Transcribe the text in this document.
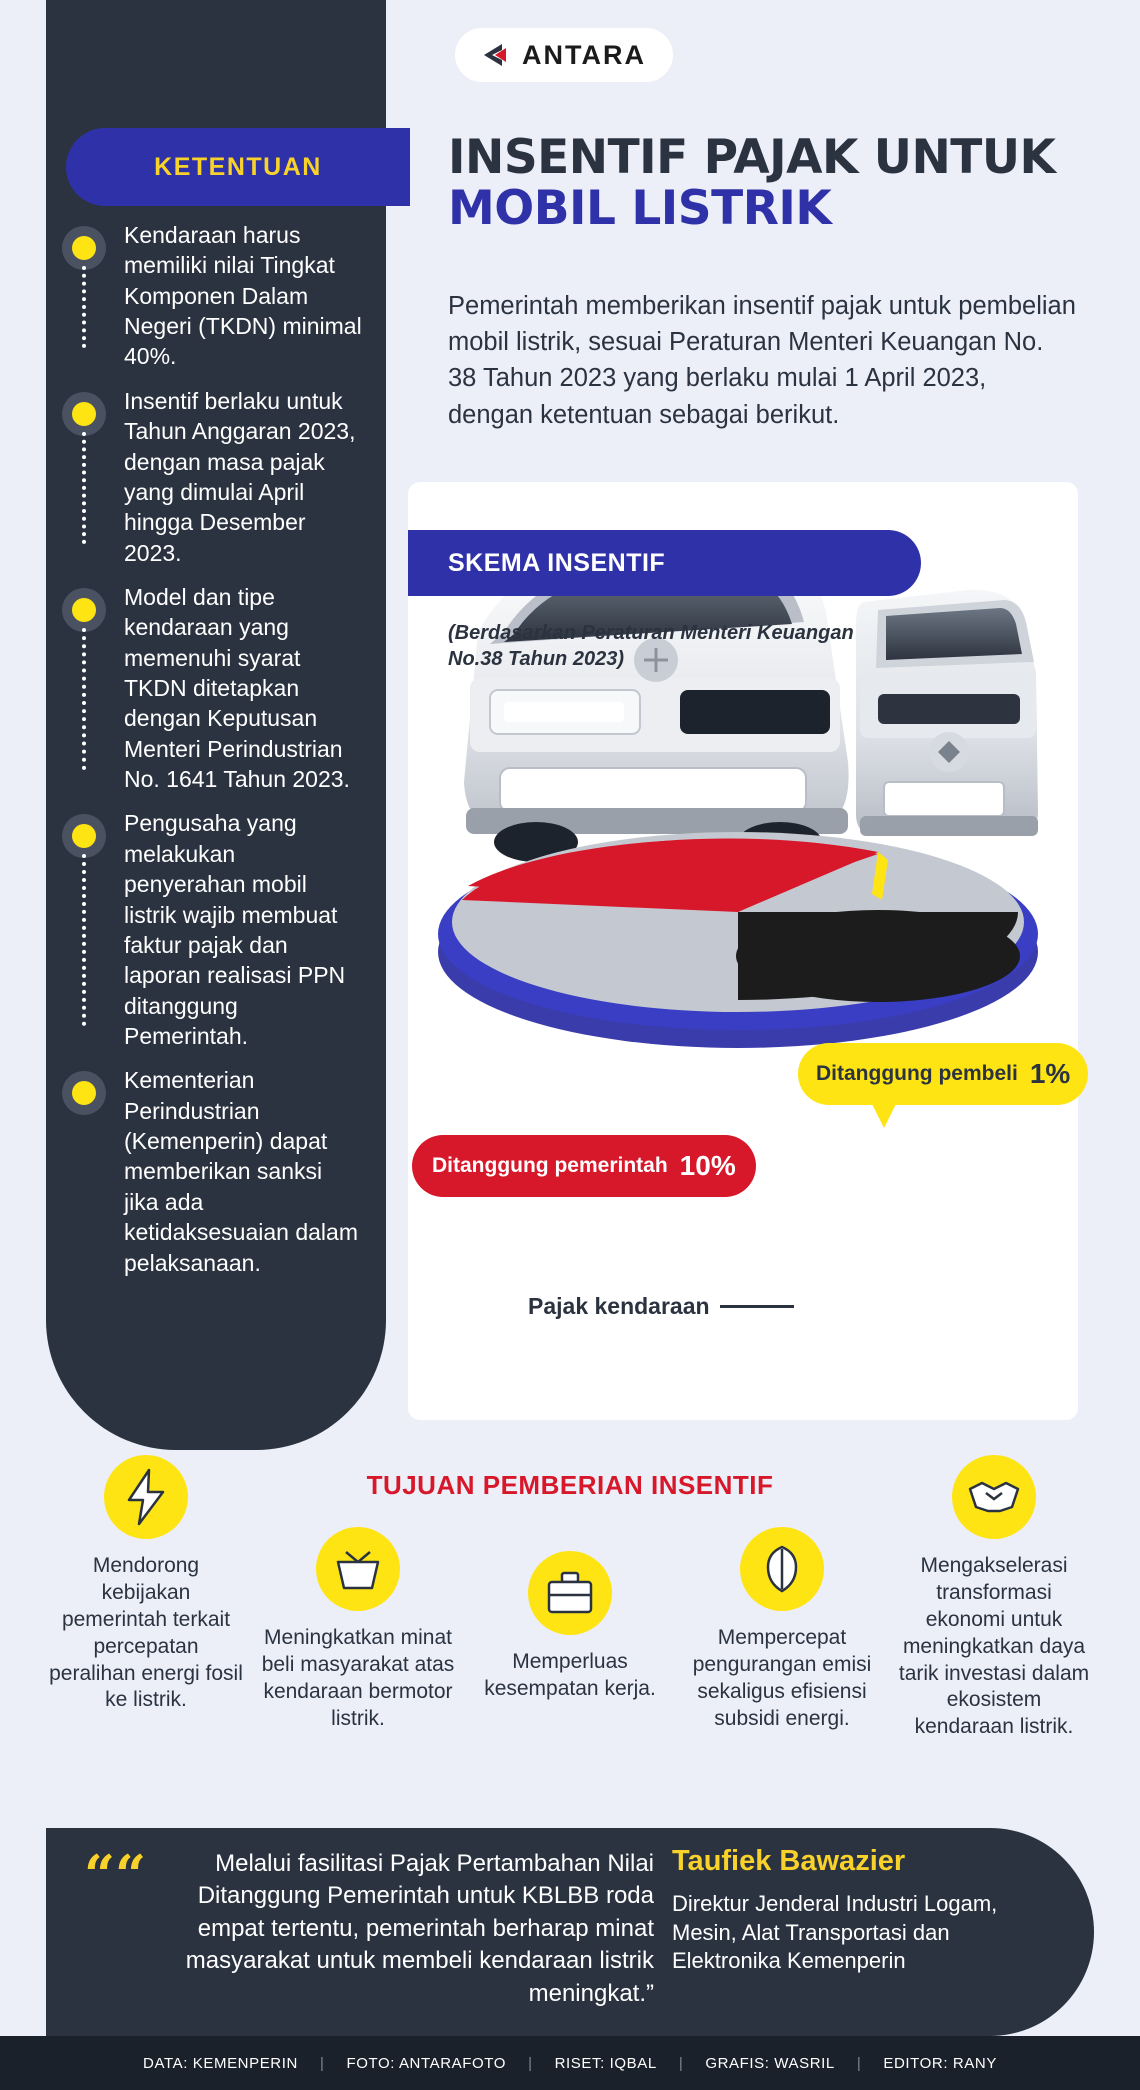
KETENTUAN
Kendaraan harus memiliki nilai Tingkat Komponen Dalam Negeri (TKDN) minimal 40%.
Insentif berlaku untuk Tahun Anggaran 2023, dengan masa pajak yang dimulai April hingga Desember 2023.
Model dan tipe kendaraan yang memenuhi syarat TKDN ditetapkan dengan Keputusan Menteri Perindustrian No. 1641 Tahun 2023.
Pengusaha yang melakukan penyerahan mobil listrik wajib membuat faktur pajak dan laporan realisasi PPN ditanggung Pemerintah.
Kementerian Perindustrian (Kemenperin) dapat memberikan sanksi jika ada ketidaksesuaian dalam pelaksanaan.
ANTARA
INSENTIF PAJAK UNTUK
MOBIL LISTRIK
Pemerintah memberikan insentif pajak untuk pembelian mobil listrik, sesuai Peraturan Menteri Keuangan No. 38 Tahun 2023 yang berlaku mulai 1 April 2023, dengan ketentuan sebagai berikut.
SKEMA INSENTIF
(Berdasarkan Peraturan Menteri Keuangan No.38 Tahun 2023)
Ditanggung pemerintah 10%
Ditanggung pembeli 1%
Pajak kendaraan	11%
TUJUAN PEMBERIAN INSENTIF

Mendorong kebijakan pemerintah terkait percepatan peralihan energi fosil ke listrik.

Meningkatkan minat beli masyarakat atas kendaraan bermotor listrik.

Memperluas kesempatan kerja.

Mempercepat pengurangan emisi sekaligus efisiensi subsidi energi.

Mengakselerasi transformasi ekonomi untuk meningkatkan daya tarik investasi dalam ekosistem kendaraan listrik.

““	Melalui fasilitasi Pajak Pertambahan Nilai Ditanggung Pemerintah untuk KBLBB roda empat tertentu, pemerintah berharap minat masyarakat untuk membeli kendaraan listrik meningkat.”
Taufiek Bawazier
Direktur Jenderal Industri Logam, Mesin, Alat Transportasi dan Elektronika Kemenperin
DATA: KEMENPERIN | FOTO: ANTARAFOTO | RISET: IQBAL | GRAFIS: WASRIL | EDITOR: RANY
